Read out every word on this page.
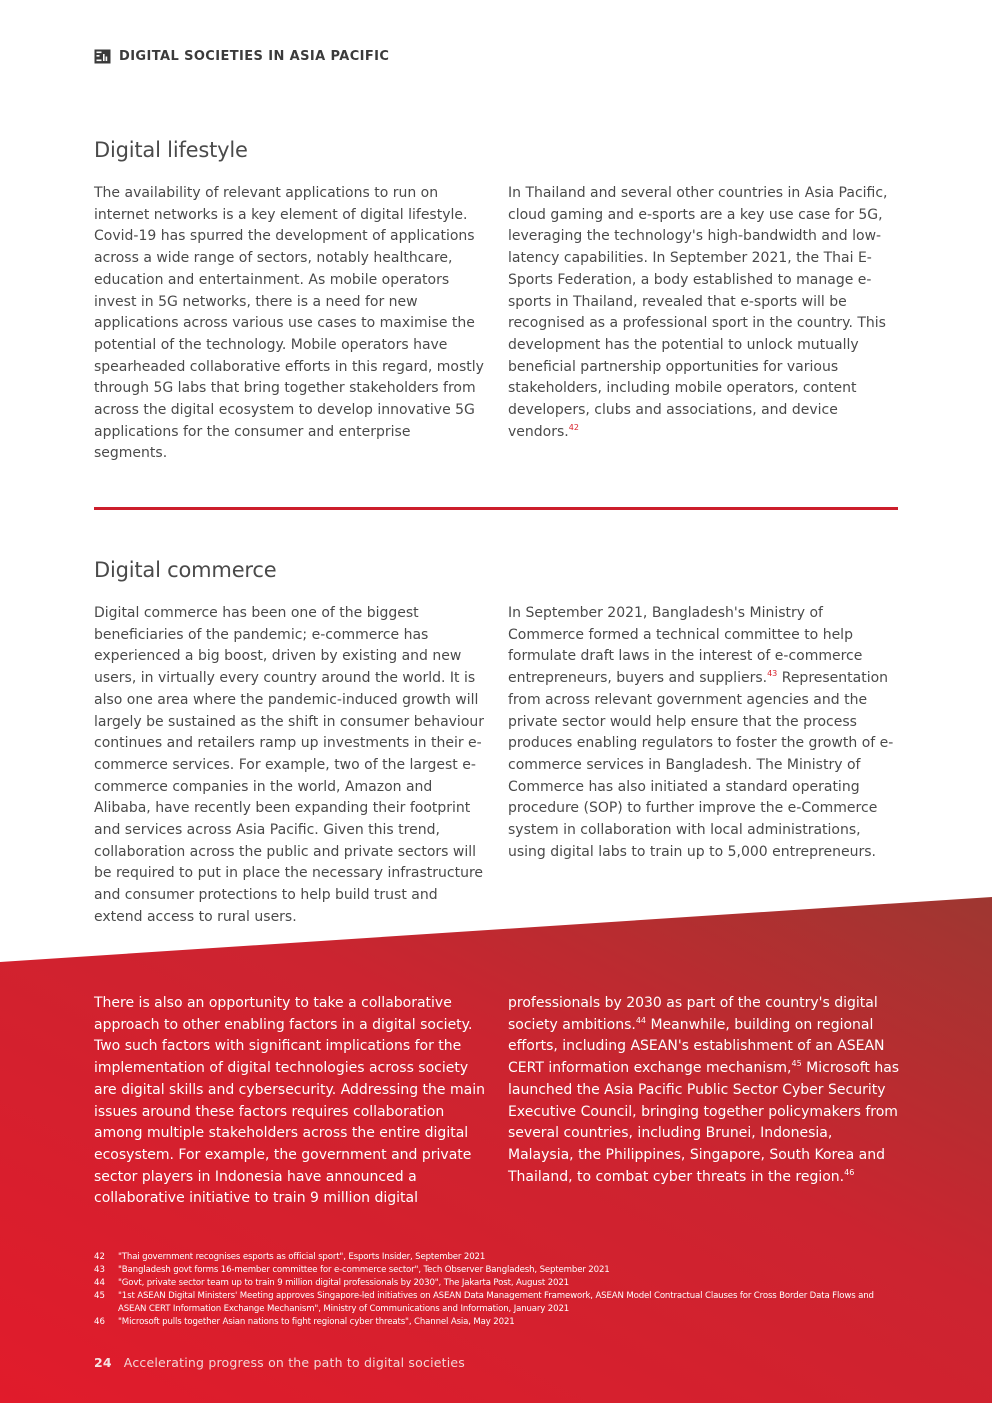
DIGITAL SOCIETIES IN ASIA PACIFIC
Digital lifestyle

The availability of relevant applications to run on internet networks is a key element of digital lifestyle. Covid-19 has spurred the development of applications across a wide range of sectors, notably healthcare, education and entertainment. As mobile operators invest in 5G networks, there is a need for new applications across various use cases to maximise the potential of the technology. Mobile operators have spearheaded collaborative efforts in this regard, mostly through 5G labs that bring together stakeholders from across the digital ecosystem to develop innovative 5G applications for the consumer and enterprise segments.

In Thailand and several other countries in Asia Pacific, cloud gaming and e-sports are a key use case for 5G, leveraging the technology's high-bandwidth and low-latency capabilities. In September 2021, the Thai E-Sports Federation, a body established to manage e-sports in Thailand, revealed that e-sports will be recognised as a professional sport in the country. This development has the potential to unlock mutually beneficial partnership opportunities for various stakeholders, including mobile operators, content developers, clubs and associations, and device vendors.$^{42}$

Digital commerce

Digital commerce has been one of the biggest beneficiaries of the pandemic; e-commerce has experienced a big boost, driven by existing and new users, in virtually every country around the world. It is also one area where the pandemic-induced growth will largely be sustained as the shift in consumer behaviour continues and retailers ramp up investments in their e-commerce services. For example, two of the largest e-commerce companies in the world, Amazon and Alibaba, have recently been expanding their footprint and services across Asia Pacific. Given this trend, collaboration across the public and private sectors will be required to put in place the necessary infrastructure and consumer protections to help build trust and extend access to rural users.

In September 2021, Bangladesh's Ministry of Commerce formed a technical committee to help formulate draft laws in the interest of e-commerce entrepreneurs, buyers and suppliers.$^{43}$ Representation from across relevant government agencies and the private sector would help ensure that the process produces enabling regulators to foster the growth of e-commerce services in Bangladesh. The Ministry of Commerce has also initiated a standard operating procedure (SOP) to further improve the e-Commerce system in collaboration with local administrations, using digital labs to train up to 5,000 entrepreneurs.

There is also an opportunity to take a collaborative approach to other enabling factors in a digital society. Two such factors with significant implications for the implementation of digital technologies across society are digital skills and cybersecurity. Addressing the main issues around these factors requires collaboration among multiple stakeholders across the entire digital ecosystem. For example, the government and private sector players in Indonesia have announced a collaborative initiative to train 9 million digital

professionals by 2030 as part of the country's digital society ambitions.$^{44}$ Meanwhile, building on regional efforts, including ASEAN's establishment of an ASEAN CERT information exchange mechanism,$^{45}$ Microsoft has launched the Asia Pacific Public Sector Cyber Security Executive Council, bringing together policymakers from several countries, including Brunei, Indonesia, Malaysia, the Philippines, Singapore, South Korea and Thailand, to combat cyber threats in the region.$^{46}$

42	"Thai government recognises esports as official sport", Esports Insider, September 2021
43	"Bangladesh govt forms 16-member committee for e-commerce sector", Tech Observer Bangladesh, September 2021
44	"Govt, private sector team up to train 9 million digital professionals by 2030", The Jakarta Post, August 2021
45	"1st ASEAN Digital Ministers' Meeting approves Singapore-led initiatives on ASEAN Data Management Framework, ASEAN Model Contractual Clauses for Cross Border Data Flows and ASEAN CERT Information Exchange Mechanism", Ministry of Communications and Information, January 2021
46	"Microsoft pulls together Asian nations to fight regional cyber threats", Channel Asia, May 2021
24 Accelerating progress on the path to digital societies
